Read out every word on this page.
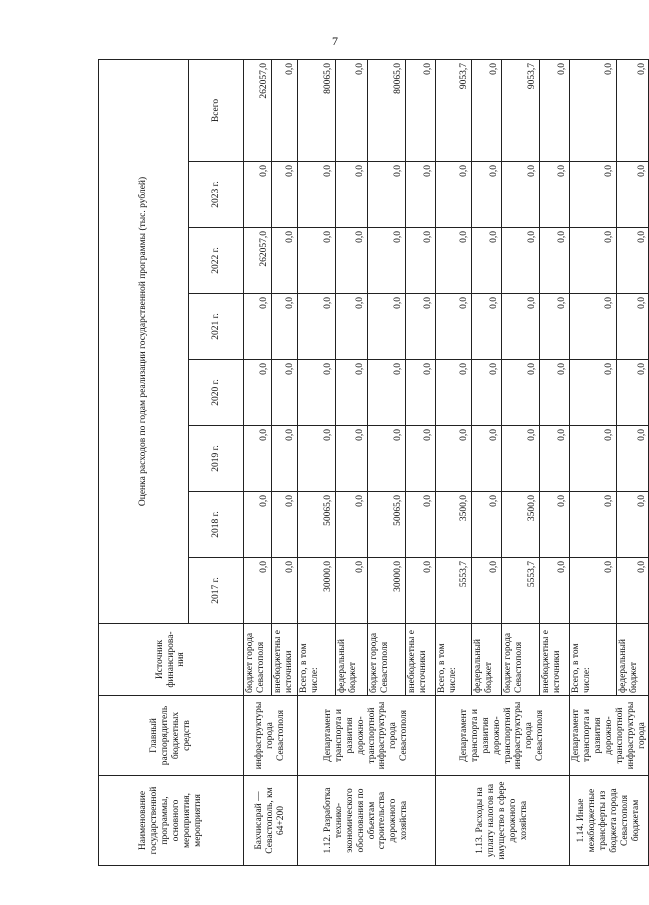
7
Наименование государственной программы, основного мероприятия, мероприятия	Главный распорядитель бюджетных средств	Источник финансирова-ния	Оценка расходов по годам реализации государственной программы (тыс. рублей)							
			2017 г.	2018 г.	2019 г.	2020 г.	2021 г.	2022 г.	2023 г.	Всего
Бахчисарай — Севастополь, км 64+200	инфраструктуры города Севастополя	бюджет города Севастополя	0,0	0,0	0,0	0,0	0,0	262057,0	0,0	262057,0
		внебюджетны е источники	0,0	0,0	0,0	0,0	0,0	0,0	0,0	0,0
1.12. Разработка технико-экономического обоснования по объектам строительства дорожного хозяйства	Департамент транспорта и развития дорожно-транспортной инфраструктуры города Севастополя	Всего, в том числе:	30000,0	50065,0	0,0	0,0	0,0	0,0	0,0	80065,0
		федеральный бюджет	0,0	0,0	0,0	0,0	0,0	0,0	0,0	0,0
		бюджет города Севастополя	30000,0	50065,0	0,0	0,0	0,0	0,0	0,0	80065,0
		внебюджетны е источники	0,0	0,0	0,0	0,0	0,0	0,0	0,0	0,0
1.13. Расходы на уплату налогов на имущество в сфере дорожного хозяйства	Департамент транспорта и развития дорожно-транспортной инфраструктуры города Севастополя	Всего, в том числе:	5553,7	3500,0	0,0	0,0	0,0	0,0	0,0	9053,7
		федеральный бюджет	0,0	0,0	0,0	0,0	0,0	0,0	0,0	0,0
		бюджет города Севастополя	5553,7	3500,0	0,0	0,0	0,0	0,0	0,0	9053,7
		внебюджетны е источники	0,0	0,0	0,0	0,0	0,0	0,0	0,0	0,0
1.14. Иные межбюджетные трансферты из бюджета города Севастополя бюджетам	Департамент транспорта и развития дорожно-транспортной инфраструктуры города	Всего, в том числе:	0,0	0,0	0,0	0,0	0,0	0,0	0,0	0,0
		федеральный бюджет	0,0	0,0	0,0	0,0	0,0	0,0	0,0	0,0
